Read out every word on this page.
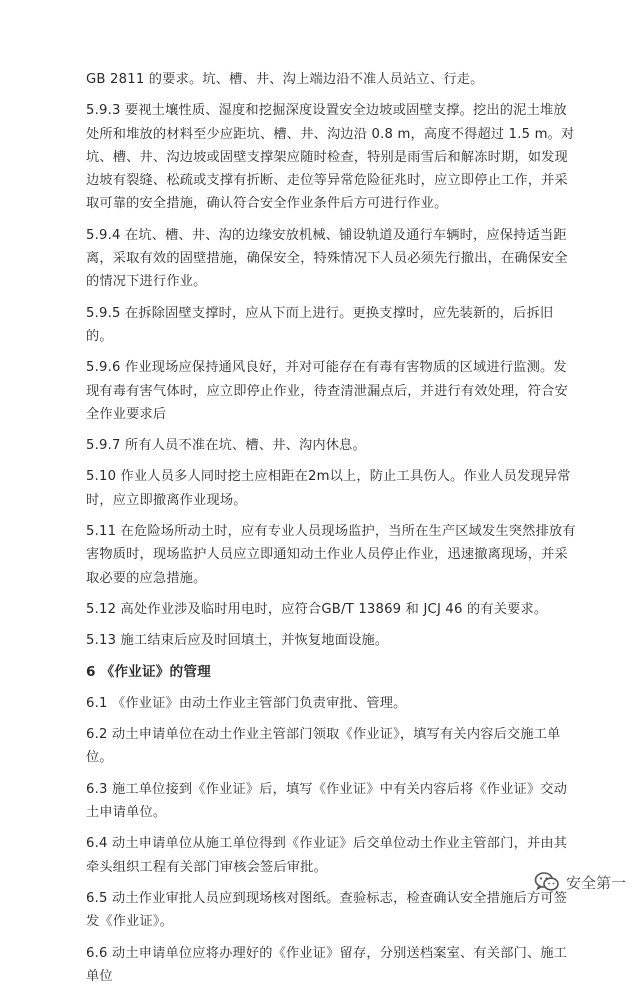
GB 2811 的要求。坑、槽、井、沟上端边沿不准人员站立、行走。

5.9.3 要视土壤性质、湿度和挖掘深度设置安全边坡或固壁支撑。挖出的泥土堆放处所和堆放的材料至少应距坑、槽、井、沟边沿 0.8 m，高度不得超过 1.5 m。对坑、槽、井、沟边坡或固壁支撑架应随时检查，特别是雨雪后和解冻时期，如发现边坡有裂缝、松疏或支撑有折断、走位等异常危险征兆时，应立即停止工作，并采取可靠的安全措施，确认符合安全作业条件后方可进行作业。

5.9.4 在坑、槽、井、沟的边缘安放机械、铺设轨道及通行车辆时，应保持适当距离，采取有效的固壁措施，确保安全，特殊情况下人员必须先行撤出，在确保安全的情况下进行作业。

5.9.5 在拆除固壁支撑时，应从下而上进行。更换支撑时，应先装新的，后拆旧的。

5.9.6 作业现场应保持通风良好，并对可能存在有毒有害物质的区域进行监测。发现有毒有害气体时，应立即停止作业，待查清泄漏点后，并进行有效处理，符合安全作业要求后

5.9.7 所有人员不准在坑、槽、井、沟内休息。

5.10 作业人员多人同时挖土应相距在2m以上，防止工具伤人。作业人员发现异常时，应立即撤离作业现场。

5.11 在危险场所动土时，应有专业人员现场监护，当所在生产区域发生突然排放有害物质时，现场监护人员应立即通知动土作业人员停止作业，迅速撤离现场，并采取必要的应急措施。

5.12 高处作业涉及临时用电时，应符合GB/T 13869 和 JCJ 46 的有关要求。

5.13 施工结束后应及时回填土，并恢复地面设施。

6 《作业证》的管理

6.1 《作业证》由动土作业主管部门负责审批、管理。

6.2 动土申请单位在动土作业主管部门领取《作业证》，填写有关内容后交施工单位。

6.3 施工单位接到《作业证》后，填写《作业证》中有关内容后将《作业证》交动土申请单位。

6.4 动土申请单位从施工单位得到《作业证》后交单位动土作业主管部门，并由其牵头组织工程有关部门审核会签后审批。

6.5 动土作业审批人员应到现场核对图纸。查验标志，检查确认安全措施后方可签发《作业证》。

6.6 动土申请单位应将办理好的《作业证》留存，分别送档案室、有关部门、施工单位

安全第一
